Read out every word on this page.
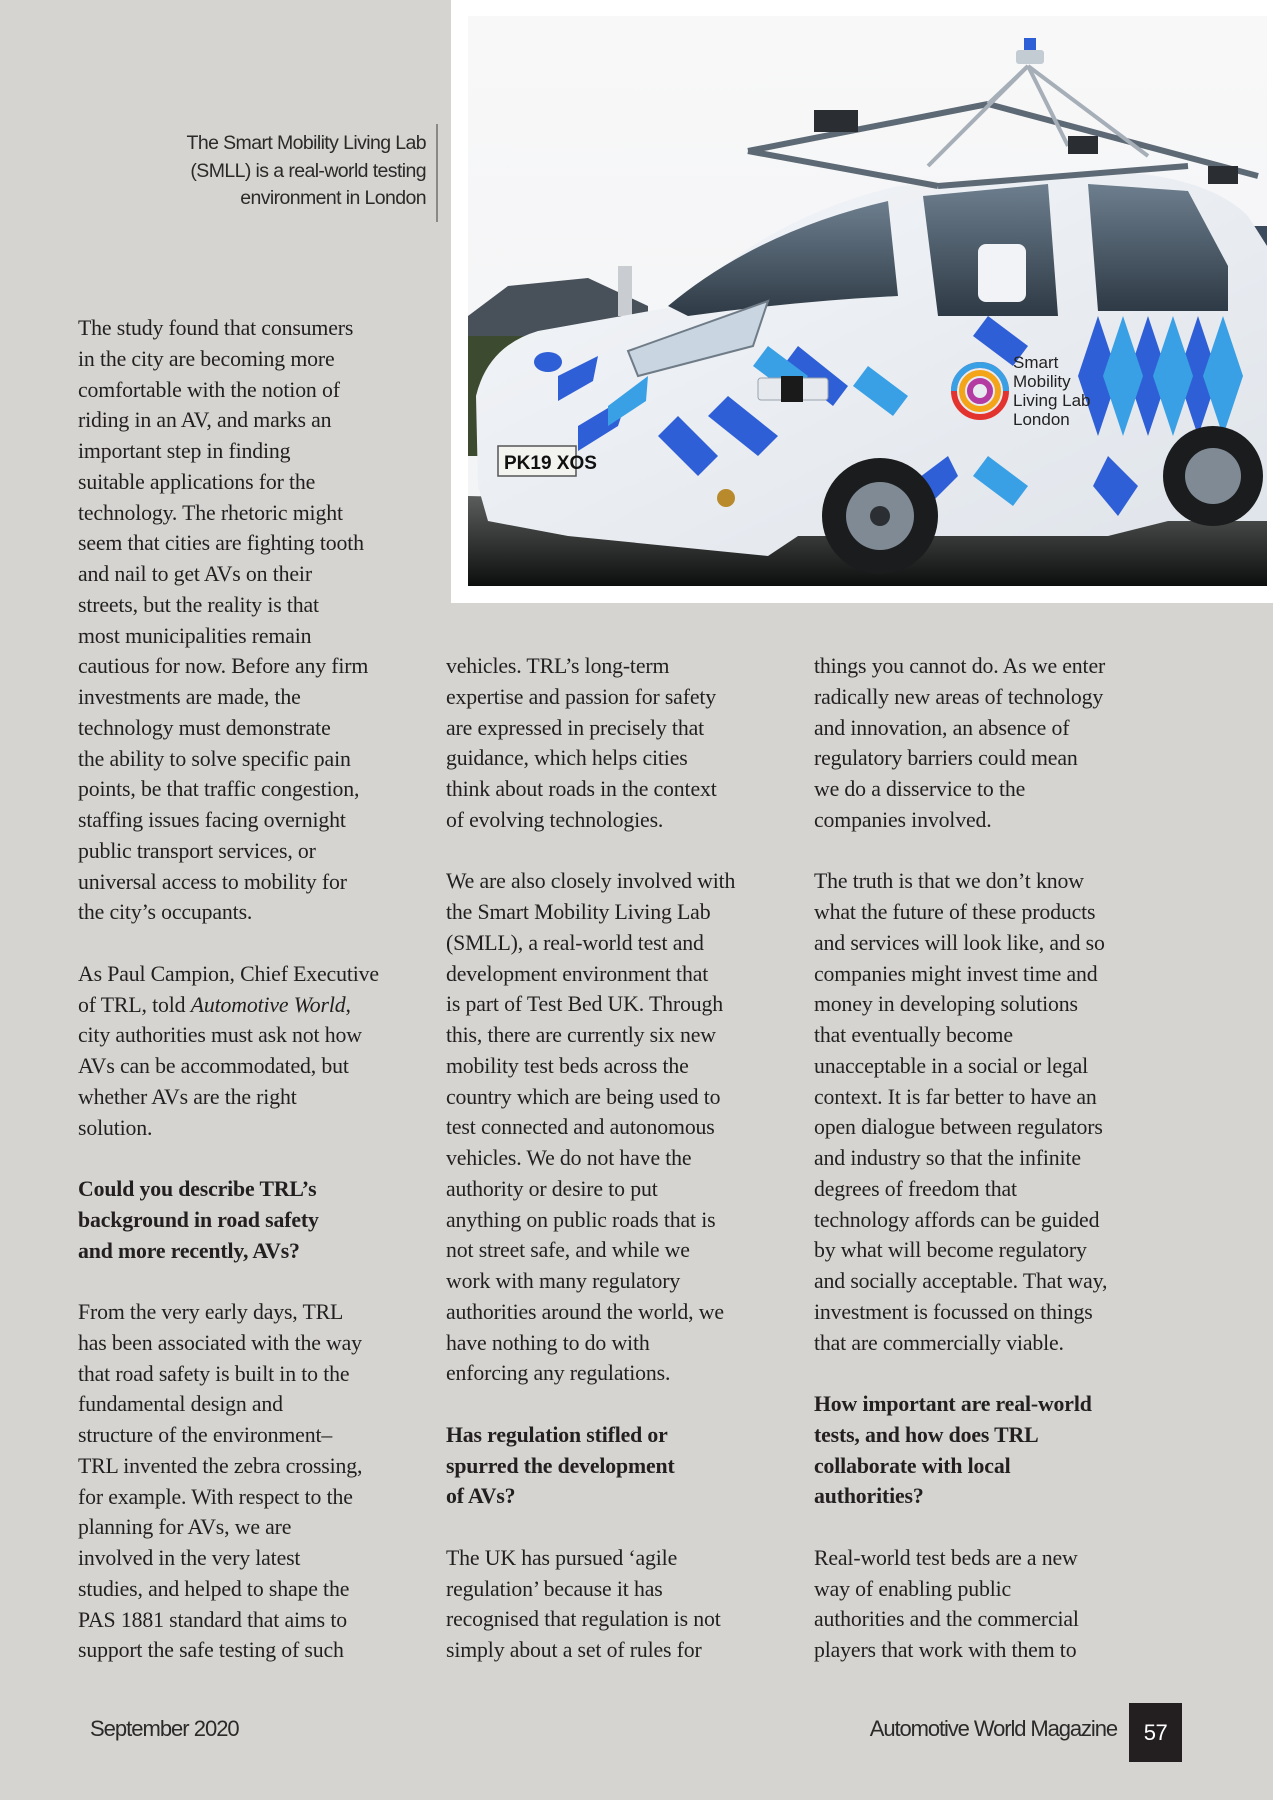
The Smart Mobility Living Lab
(SMLL) is a real-world testing
environment in London
Smart
Mobility
Living Lab
London
PK19 XOS

The study found that consumers
in the city are becoming more
comfortable with the notion of
riding in an AV, and marks an
important step in finding
suitable applications for the
technology. The rhetoric might
seem that cities are fighting tooth
and nail to get AVs on their
streets, but the reality is that
most municipalities remain
cautious for now. Before any firm
investments are made, the
technology must demonstrate
the ability to solve specific pain
points, be that traffic congestion,
staffing issues facing overnight
public transport services, or
universal access to mobility for
the city’s occupants.

As Paul Campion, Chief Executive
of TRL, told Automotive World,
city authorities must ask not how
AVs can be accommodated, but
whether AVs are the right
solution.

Could you describe TRL’s
background in road safety
and more recently, AVs?

From the very early days, TRL
has been associated with the way
that road safety is built in to the
fundamental design and
structure of the environment–
TRL invented the zebra crossing,
for example. With respect to the
planning for AVs, we are
involved in the very latest
studies, and helped to shape the
PAS 1881 standard that aims to
support the safe testing of such

vehicles. TRL’s long-term
expertise and passion for safety
are expressed in precisely that
guidance, which helps cities
think about roads in the context
of evolving technologies.

We are also closely involved with
the Smart Mobility Living Lab
(SMLL), a real-world test and
development environment that
is part of Test Bed UK. Through
this, there are currently six new
mobility test beds across the
country which are being used to
test connected and autonomous
vehicles. We do not have the
authority or desire to put
anything on public roads that is
not street safe, and while we
work with many regulatory
authorities around the world, we
have nothing to do with
enforcing any regulations.

Has regulation stifled or
spurred the development
of AVs?

The UK has pursued ‘agile
regulation’ because it has
recognised that regulation is not
simply about a set of rules for

things you cannot do. As we enter
radically new areas of technology
and innovation, an absence of
regulatory barriers could mean
we do a disservice to the
companies involved.

The truth is that we don’t know
what the future of these products
and services will look like, and so
companies might invest time and
money in developing solutions
that eventually become
unacceptable in a social or legal
context. It is far better to have an
open dialogue between regulators
and industry so that the infinite
degrees of freedom that
technology affords can be guided
by what will become regulatory
and socially acceptable. That way,
investment is focussed on things
that are commercially viable.

How important are real-world
tests, and how does TRL
collaborate with local
authorities?

Real-world test beds are a new
way of enabling public
authorities and the commercial
players that work with them to

September 2020	Automotive World Magazine	57
